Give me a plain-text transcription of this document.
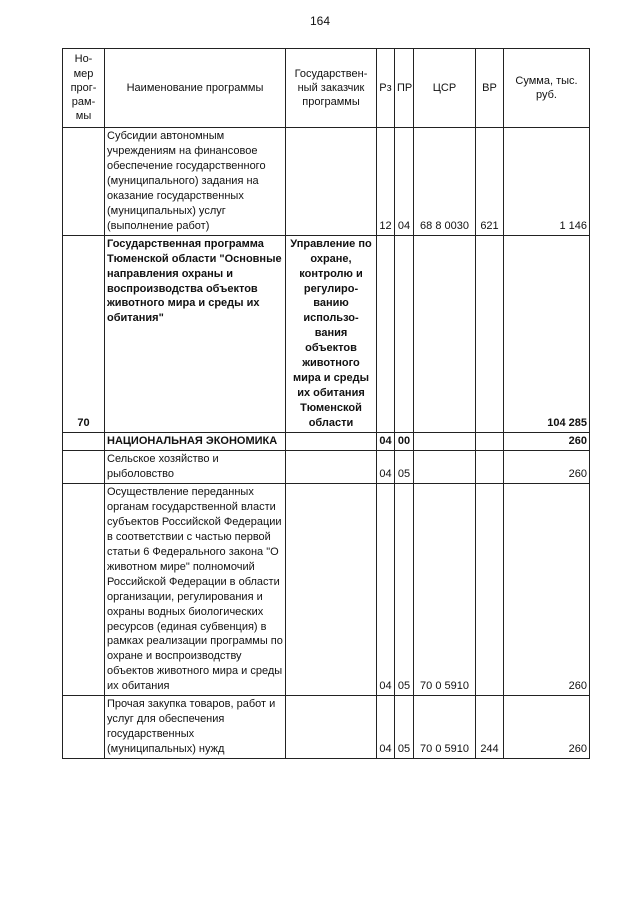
164
Но-мер прог-рам-мы	Наименование программы	Государствен-ный заказчик программы	Рз	ПР	ЦСР	ВР	Сумма, тыс. руб.
	Субсидии автономным учреждениям на финансовое обеспечение государственного (муниципального) задания на оказание государственных (муниципальных) услуг (выполнение работ)		12	04	68 8 0030	621	1 146
70	Государственная программа Тюменской области "Основные направления охраны и воспроизводства объектов животного мира и среды их обитания"	Управление по охране, контролю и регулиро-ванию использо-вания объектов животного мира и среды их обитания Тюменской области					104 285
	НАЦИОНАЛЬНАЯ ЭКОНОМИКА		04	00			260
	Сельское хозяйство и рыболовство		04	05			260
	Осуществление переданных органам государственной власти субъектов Российской Федерации в соответствии с частью первой статьи 6 Федерального закона "О животном мире" полномочий Российской Федерации в области организации, регулирования и охраны водных биологических ресурсов (единая субвенция) в рамках реализации программы по охране и воспроизводству объектов животного мира и среды их обитания		04	05	70 0 5910		260
	Прочая закупка товаров, работ и услуг для обеспечения государственных (муниципальных) нужд		04	05	70 0 5910	244	260
